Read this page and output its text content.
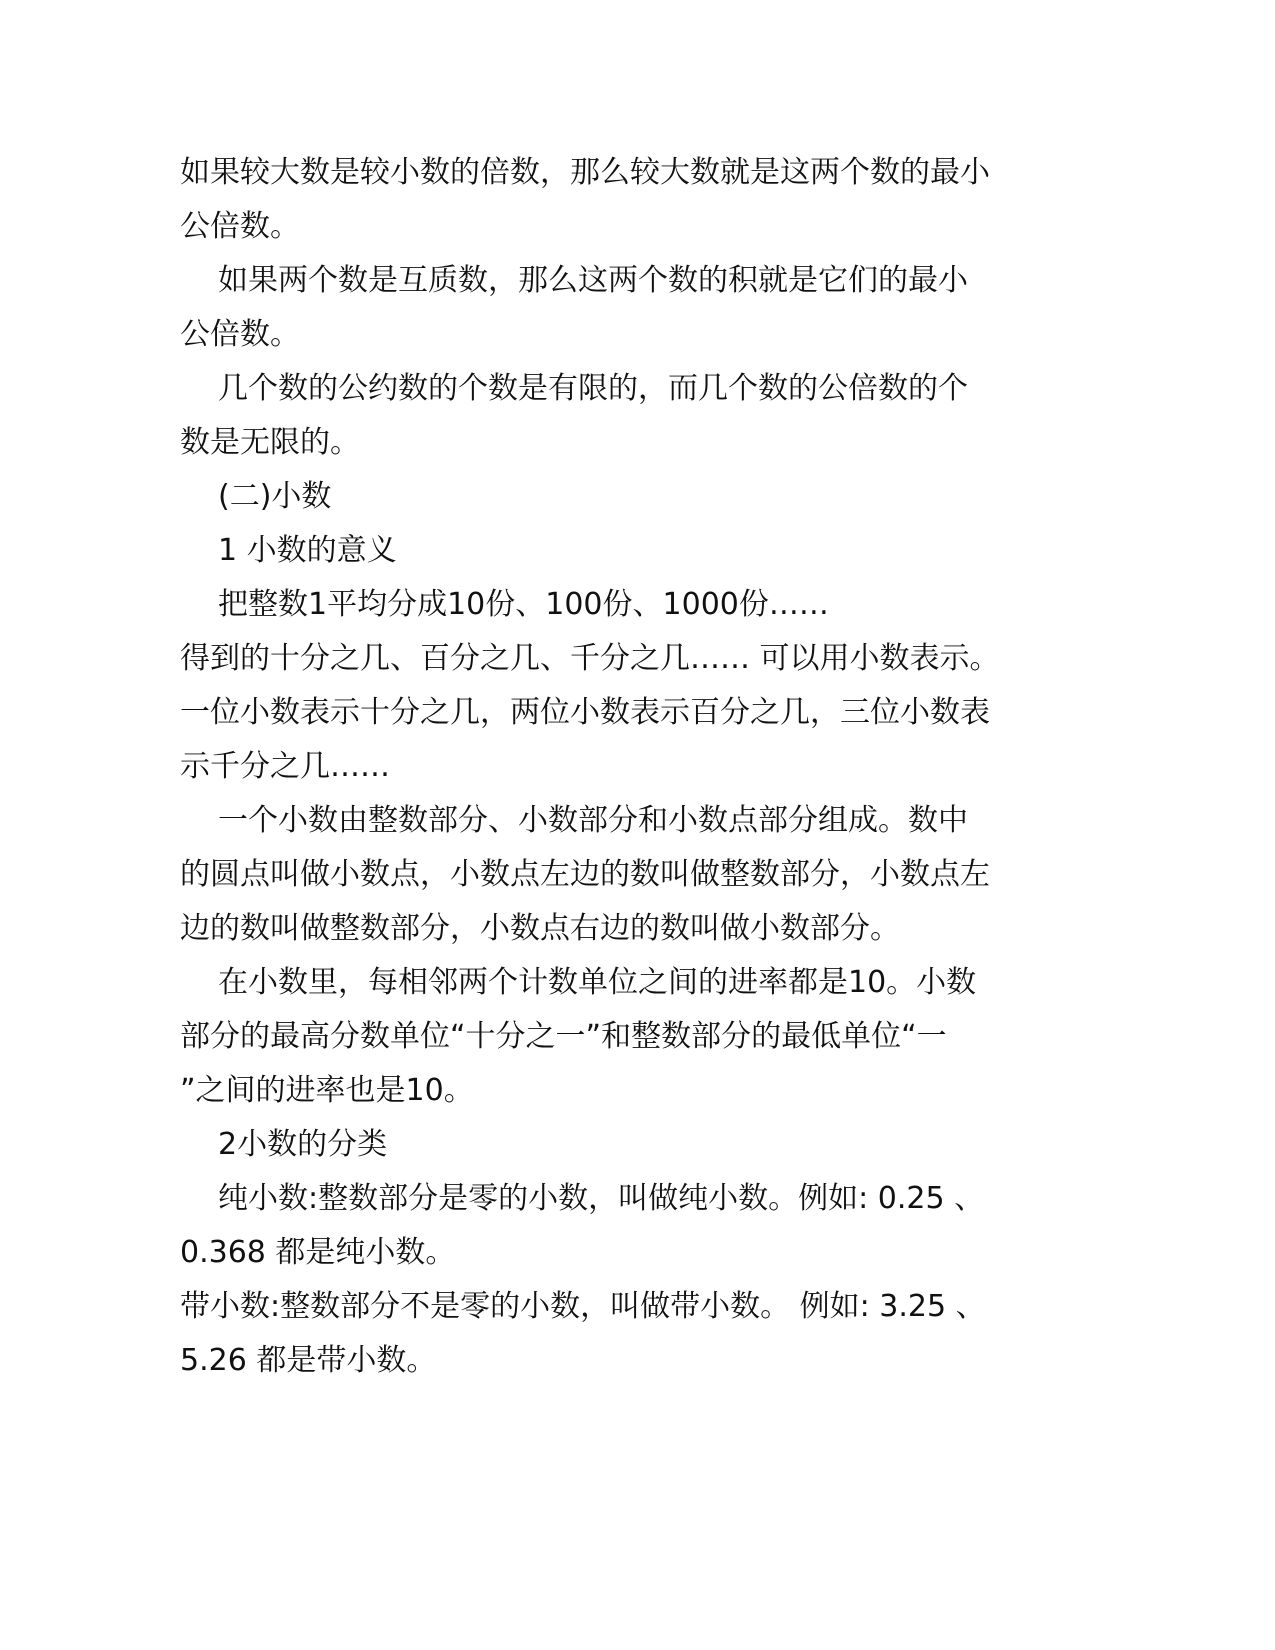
如果较大数是较小数的倍数，那么较大数就是这两个数的最小
公倍数。
如果两个数是互质数，那么这两个数的积就是它们的最小
公倍数。
几个数的公约数的个数是有限的，而几个数的公倍数的个
数是无限的。
(二)小数
1 小数的意义
把整数1平均分成10份、100份、1000份……
得到的十分之几、百分之几、千分之几…… 可以用小数表示。
一位小数表示十分之几，两位小数表示百分之几，三位小数表
示千分之几……
一个小数由整数部分、小数部分和小数点部分组成。数中
的圆点叫做小数点，小数点左边的数叫做整数部分，小数点左
边的数叫做整数部分，小数点右边的数叫做小数部分。
在小数里，每相邻两个计数单位之间的进率都是10。小数
部分的最高分数单位“十分之一”和整数部分的最低单位“一
”之间的进率也是10。
2小数的分类
纯小数:整数部分是零的小数，叫做纯小数。例如: 0.25 、
0.368 都是纯小数。
带小数:整数部分不是零的小数，叫做带小数。 例如: 3.25 、
5.26 都是带小数。
